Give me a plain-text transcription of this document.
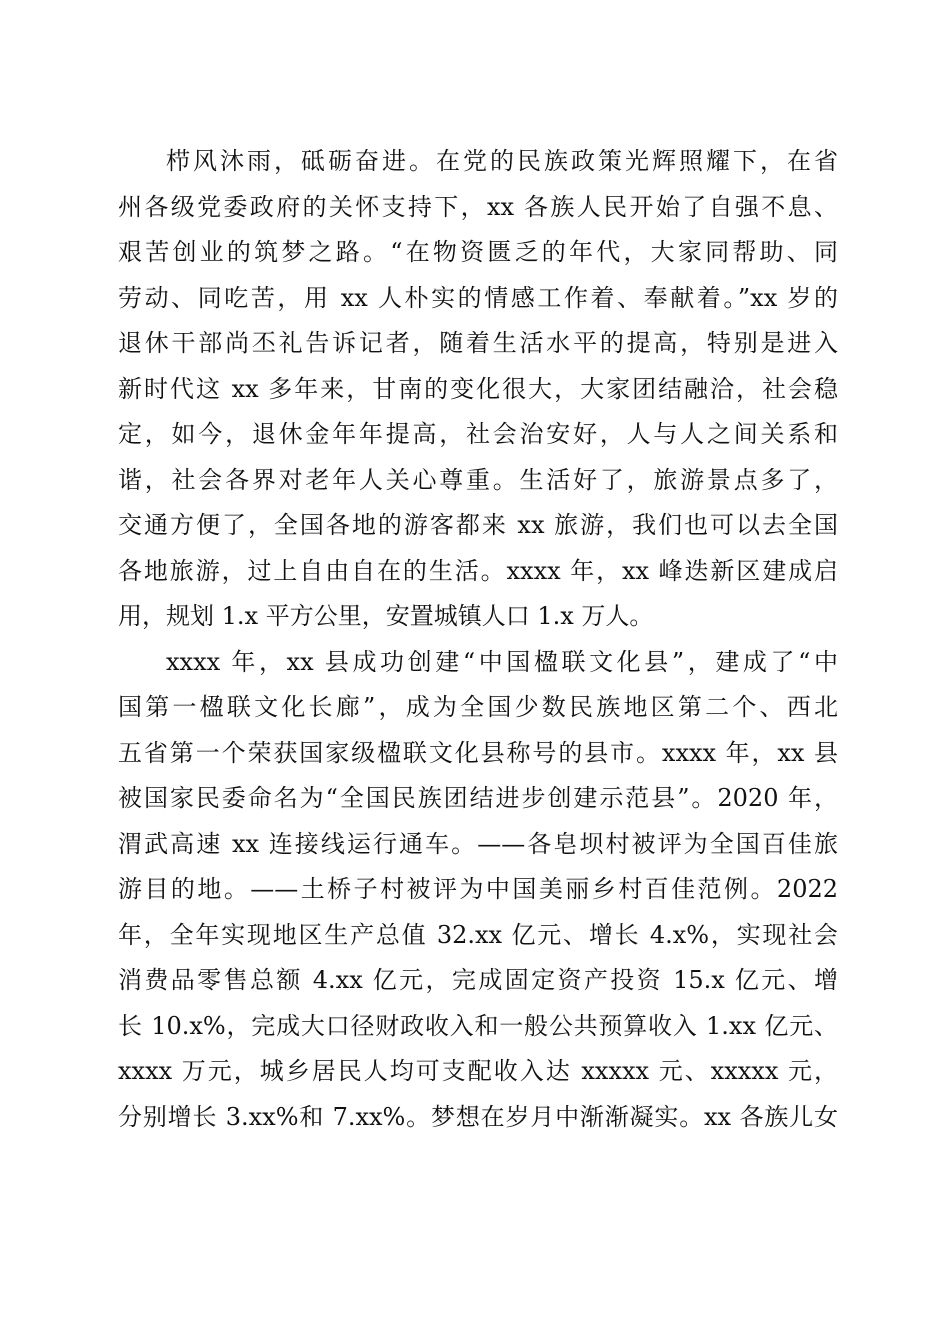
栉风沐雨，砥砺奋进。在党的民族政策光辉照耀下，在省
州各级党委政府的关怀支持下，xx 各族人民开始了自强不息、
艰苦创业的筑梦之路。“在物资匮乏的年代，大家同帮助、同
劳动、同吃苦，用 xx 人朴实的情感工作着、奉献着。”xx 岁的
退休干部尚丕礼告诉记者，随着生活水平的提高，特别是进入
新时代这 xx 多年来，甘南的变化很大，大家团结融洽，社会稳
定，如今，退休金年年提高，社会治安好，人与人之间关系和
谐，社会各界对老年人关心尊重。生活好了，旅游景点多了，
交通方便了，全国各地的游客都来 xx 旅游，我们也可以去全国
各地旅游，过上自由自在的生活。xxxx 年，xx 峰迭新区建成启
用，规划 1.x 平方公里，安置城镇人口 1.x 万人。
xxxx 年，xx 县成功创建“中国楹联文化县”，建成了“中
国第一楹联文化长廊”，成为全国少数民族地区第二个、西北
五省第一个荣获国家级楹联文化县称号的县市。xxxx 年，xx 县
被国家民委命名为“全国民族团结进步创建示范县”。2020 年，
渭武高速 xx 连接线运行通车。——各皂坝村被评为全国百佳旅
游目的地。——土桥子村被评为中国美丽乡村百佳范例。2022
年，全年实现地区生产总值 32.xx 亿元、增长 4.x%，实现社会
消费品零售总额 4.xx 亿元，完成固定资产投资 15.x 亿元、增
长 10.x%，完成大口径财政收入和一般公共预算收入 1.xx 亿元、
xxxx 万元，城乡居民人均可支配收入达 xxxxx 元、xxxxx 元，
分别增长 3.xx%和 7.xx%。梦想在岁月中渐渐凝实。xx 各族儿女
